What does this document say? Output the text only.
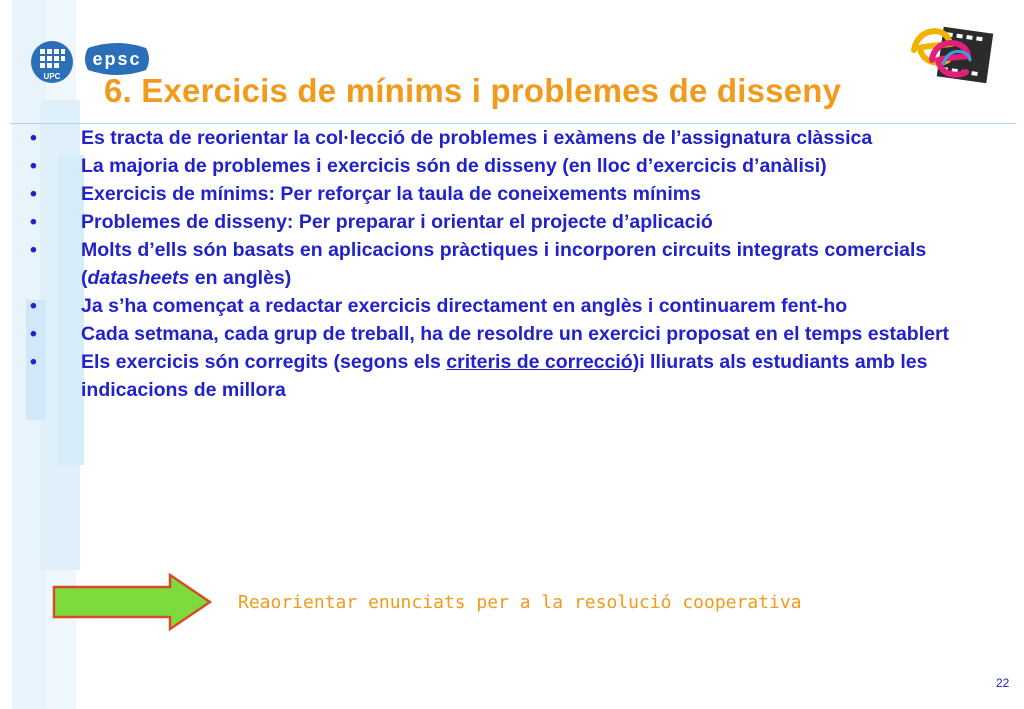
UPC
epsc
6. Exercicis de mínims i problemes de disseny
• Es tracta de reorientar la col·lecció de problemes i exàmens de l’assignatura clàssica
• La majoria de problemes i exercicis són de disseny (en lloc d’exercicis d’anàlisi)
• Exercicis de mínims: Per reforçar la taula de coneixements mínims
• Problemes de disseny: Per preparar i orientar el projecte d’aplicació
• Molts d’ells són basats en aplicacions pràctiques i incorporen circuits integrats comercials (datasheets en anglès)
• Ja s’ha començat a redactar exercicis directament en anglès i continuarem fent-ho
• Cada setmana, cada grup de treball, ha de resoldre un exercici proposat en el temps establert
• Els exercicis són corregits (segons els criteris de correcció)i lliurats als estudiants amb les indicacions de millora
Reaorientar enunciats per a la resolució cooperativa
22
